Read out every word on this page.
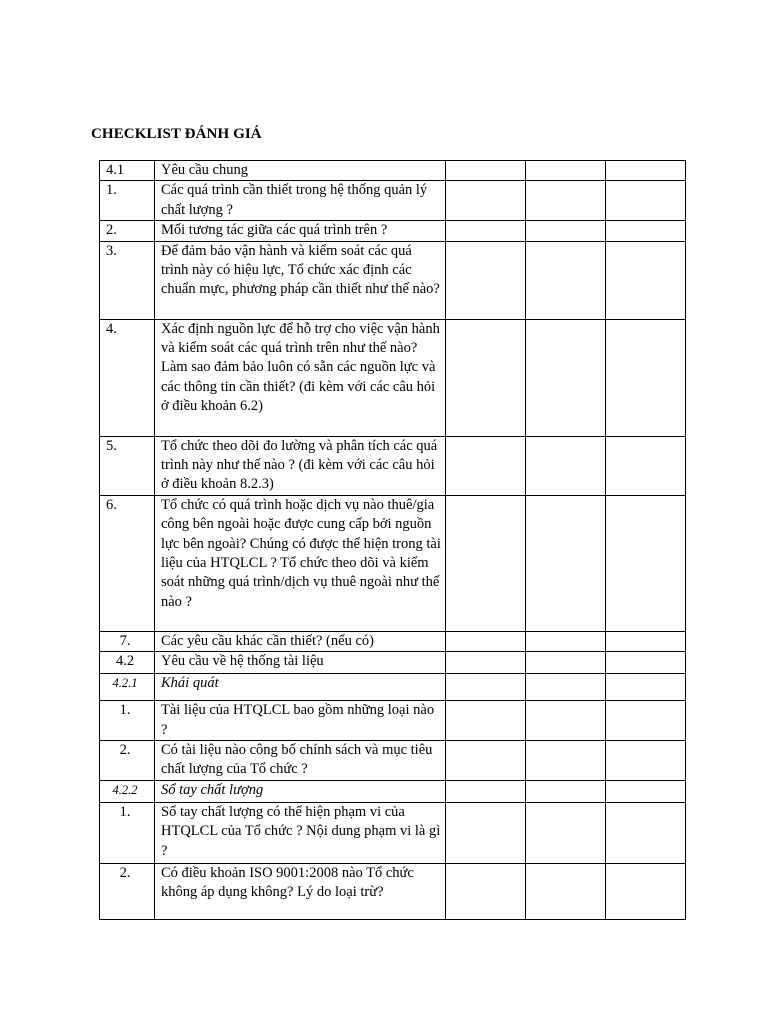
CHECKLIST ĐÁNH GIÁ
4.1	Yêu cầu chung			
1.	Các quá trình cần thiết trong hệ thống quản lý chất lượng ?			
2.	Mối tương tác giữa các quá trình trên ?			
3.	Để đảm bảo vận hành và kiểm soát các quá trình này có hiệu lực, Tổ chức xác định các chuẩn mực, phương pháp cần thiết như thế nào?			
4.	Xác định nguồn lực để hỗ trợ cho việc vận hành và kiểm soát các quá trình trên như thế nào? Làm sao đảm bảo luôn có sẵn các nguồn lực và các thông tin cần thiết? (đi kèm với các câu hỏi ở điều khoản 6.2)			
5.	Tổ chức theo dõi đo lường và phân tích các quá trình này như thế nào ? (đi kèm với các câu hỏi ở điều khoản 8.2.3)			
6.	Tổ chức có quá trình hoặc dịch vụ nào thuê/gia công bên ngoài hoặc được cung cấp bởi nguồn lực bên ngoài? Chúng có được thể hiện trong tài liệu của HTQLCL ? Tổ chức theo dõi và kiểm soát những quá trình/dịch vụ thuê ngoài như thế nào ?			
7.	Các yêu cầu khác cần thiết? (nếu có)			
4.2	Yêu cầu về hệ thống tài liệu			
4.2.1	Khái quát			
1.	Tài liệu của HTQLCL bao gồm những loại nào ?			
2.	Có tài liệu nào công bố chính sách và mục tiêu chất lượng của Tổ chức ?			
4.2.2	Sổ tay chất lượng			
1.	Sổ tay chất lượng có thể hiện phạm vi của HTQLCL của Tổ chức ? Nội dung phạm vi là gì ?			
2.	Có điều khoản ISO 9001:2008 nào Tổ chức không áp dụng không? Lý do loại trừ?			
